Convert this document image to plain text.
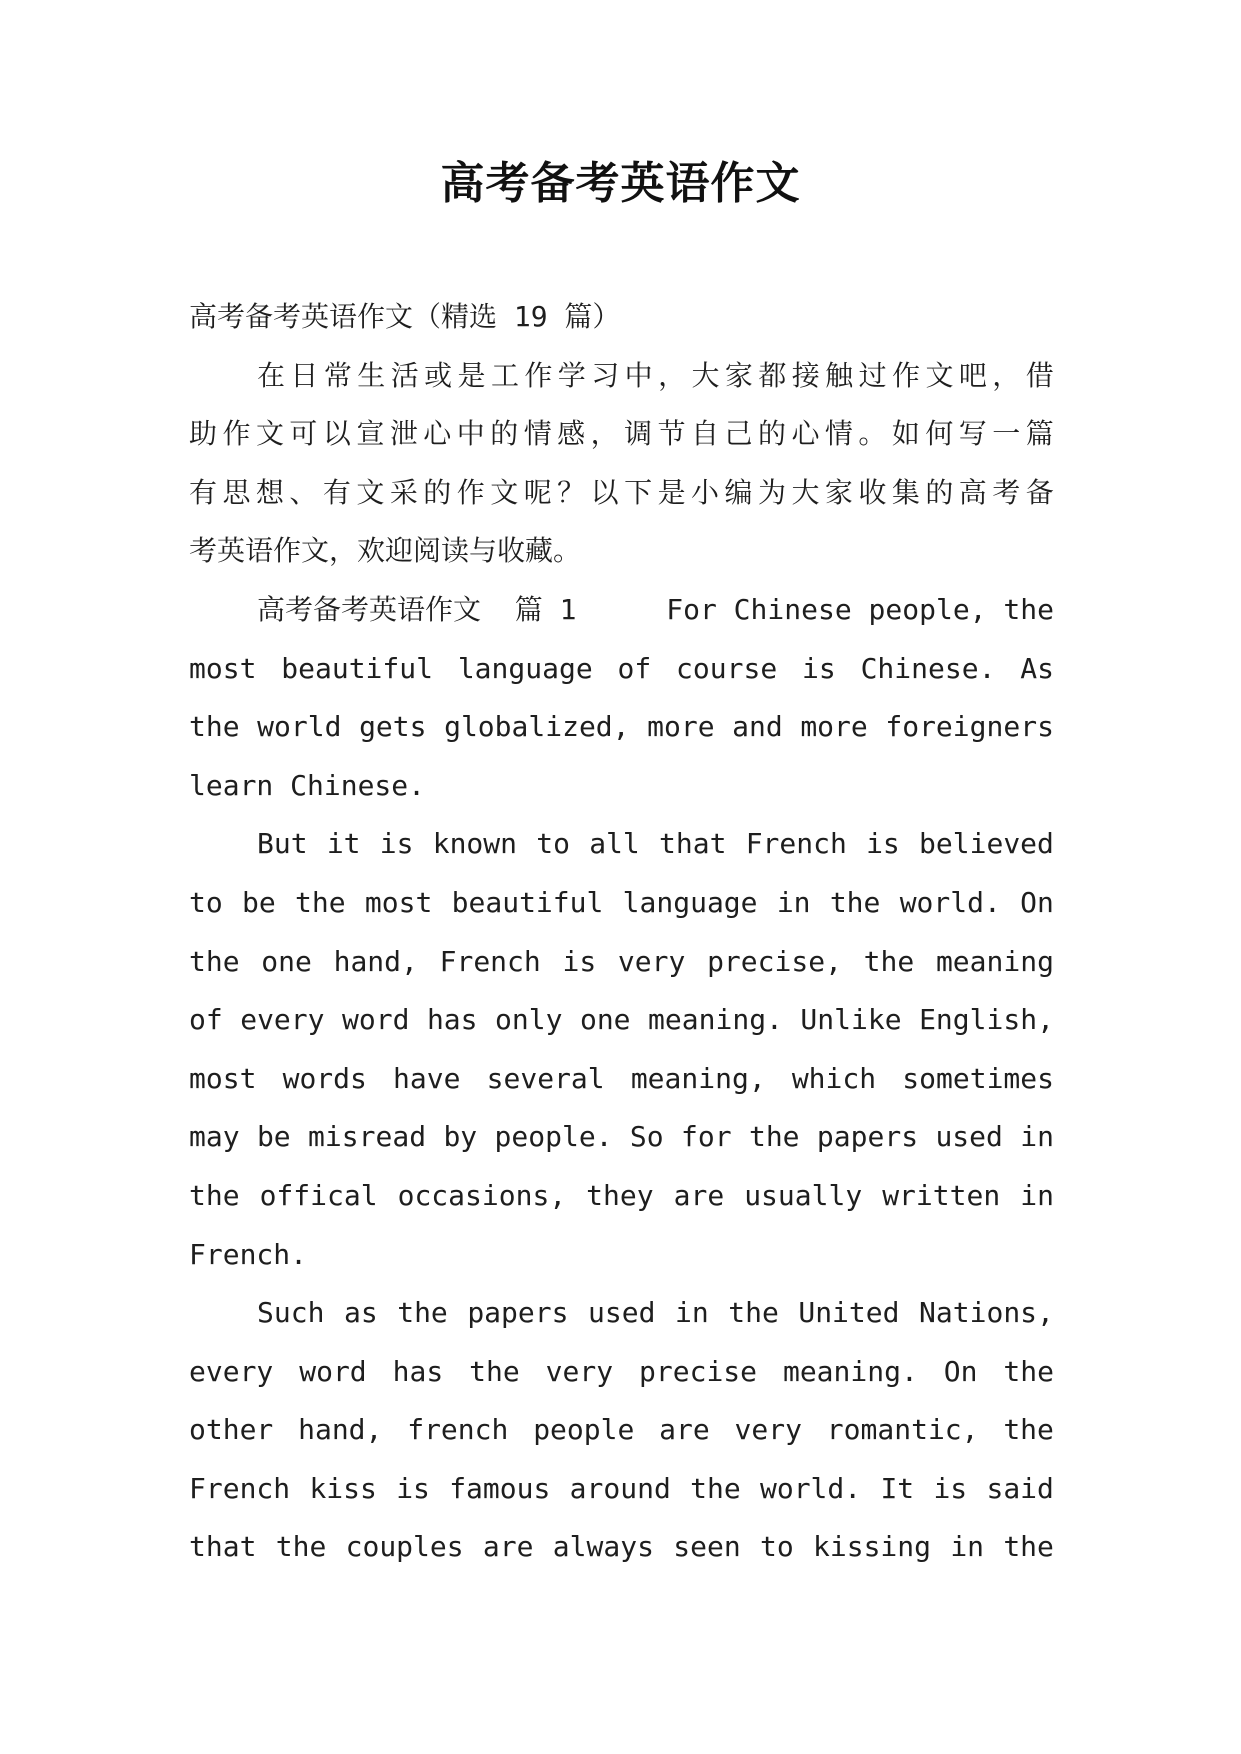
高考备考英语作文
高考备考英语作文（精选 19 篇）
在 日 常 生 活 或 是 工 作 学 习 中 ， 大 家 都 接 触 过 作 文 吧 ， 借
助 作 文 可 以 宣 泄 心 中 的 情 感 ， 调 节 自 己 的 心 情 。 如 何 写 一 篇
有 思 想 、 有 文 采 的 作 文 呢 ？ 以 下 是 小 编 为 大 家 收 集 的 高 考 备
考英语作文，欢迎阅读与收藏。
高考备考英语作文  篇 1	For Chinese people, the
most beautiful language of course is Chinese. As
the world gets globalized, more and more foreigners
learn Chinese.
But it is known to all that French is believed
to be the most beautiful language in the world. On
the one hand, French is very precise, the meaning
of every word has only one meaning. Unlike English,
most words have several meaning, which sometimes
may be misread by people. So for the papers used in
the offical occasions, they are usually written in
French.
Such as the papers used in the United Nations,
every word has the very precise meaning. On the
other hand, french people are very romantic, the
French kiss is famous around the world. It is said
that the couples are always seen to kissing in the
